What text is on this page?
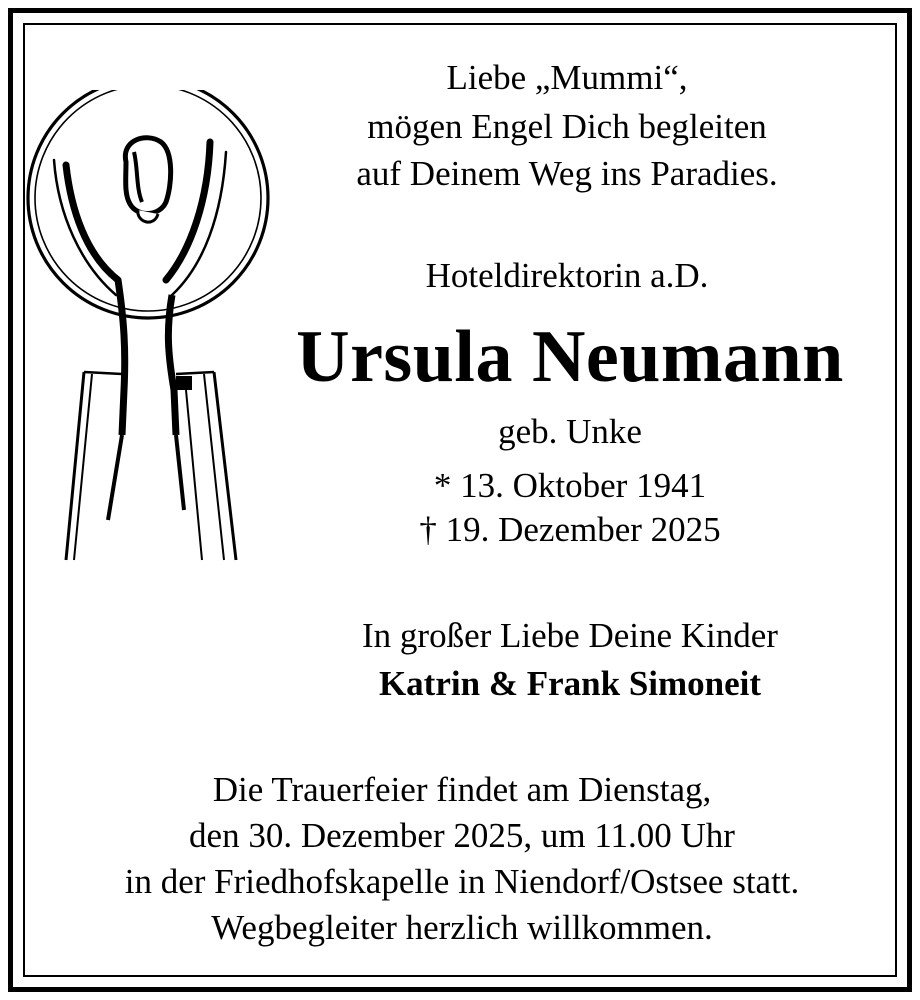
Liebe „Mummi“,
mögen Engel Dich begleiten
auf Deinem Weg ins Paradies.
Hoteldirektorin a.D.
Ursula Neumann
geb. Unke
* 13. Oktober 1941
† 19. Dezember 2025
In großer Liebe Deine Kinder
Katrin & Frank Simoneit
Die Trauerfeier findet am Dienstag,
den 30. Dezember 2025, um 11.00 Uhr
in der Friedhofskapelle in Niendorf/Ostsee statt.
Wegbegleiter herzlich willkommen.
